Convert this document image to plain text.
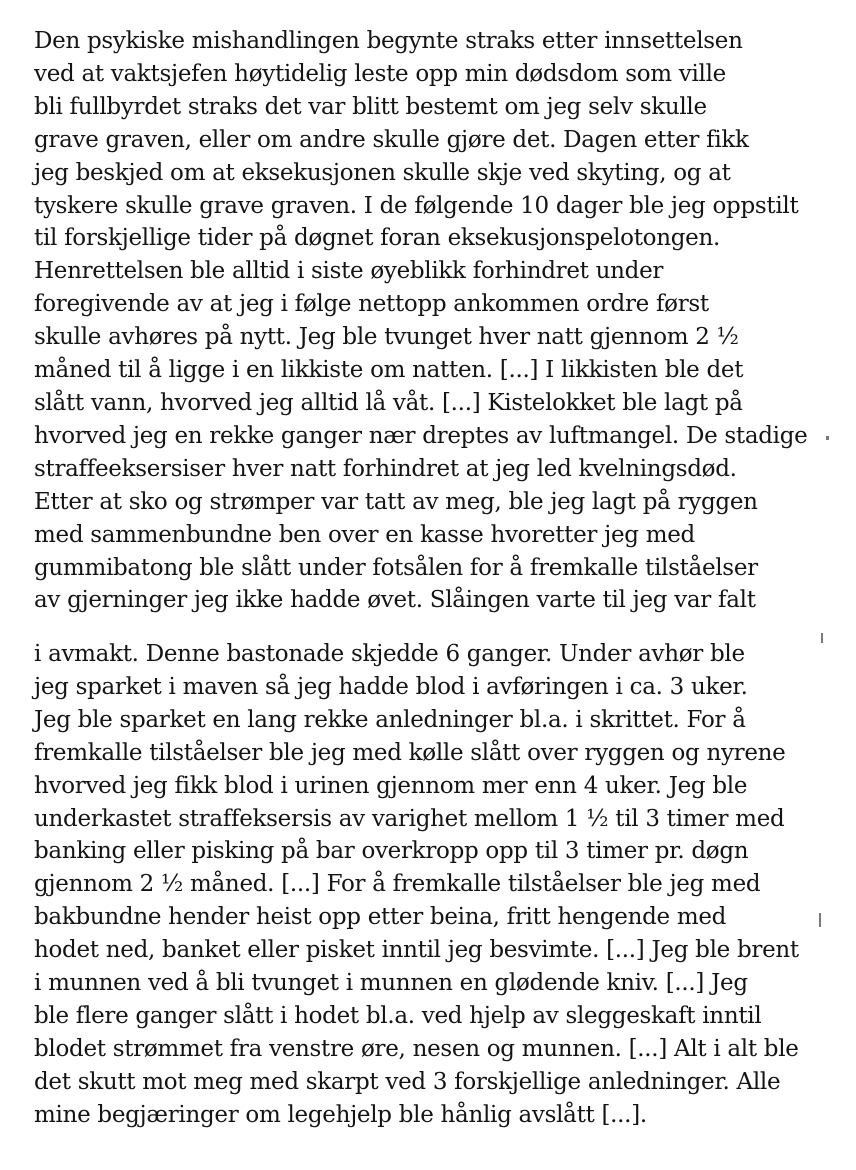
Den psykiske mishandlingen begynte straks etter innsettelsen
ved at vaktsjefen høytidelig leste opp min dødsdom som ville
bli fullbyrdet straks det var blitt bestemt om jeg selv skulle
grave graven, eller om andre skulle gjøre det. Dagen etter fikk
jeg beskjed om at eksekusjonen skulle skje ved skyting, og at
tyskere skulle grave graven. I de følgende 10 dager ble jeg oppstilt
til forskjellige tider på døgnet foran eksekusjonspelotongen.
Henrettelsen ble alltid i siste øyeblikk forhindret under
foregivende av at jeg i følge nettopp ankommen ordre først
skulle avhøres på nytt. Jeg ble tvunget hver natt gjennom 2 ½
måned til å ligge i en likkiste om natten. [...] I likkisten ble det
slått vann, hvorved jeg alltid lå våt. [...] Kistelokket ble lagt på
hvorved jeg en rekke ganger nær dreptes av luftmangel. De stadige
straffeeksersiser hver natt forhindret at jeg led kvelningsdød.
Etter at sko og strømper var tatt av meg, ble jeg lagt på ryggen
med sammenbundne ben over en kasse hvoretter jeg med
gummibatong ble slått under fotsålen for å fremkalle tilståelser
av gjerninger jeg ikke hadde øvet. Slåingen varte til jeg var falt

i avmakt. Denne bastonade skjedde 6 ganger. Under avhør ble
jeg sparket i maven så jeg hadde blod i avføringen i ca. 3 uker.
Jeg ble sparket en lang rekke anledninger bl.a. i skrittet. For å
fremkalle tilståelser ble jeg med kølle slått over ryggen og nyrene
hvorved jeg fikk blod i urinen gjennom mer enn 4 uker. Jeg ble
underkastet straffeksersis av varighet mellom 1 ½ til 3 timer med
banking eller pisking på bar overkropp opp til 3 timer pr. døgn
gjennom 2 ½ måned. [...] For å fremkalle tilståelser ble jeg med
bakbundne hender heist opp etter beina, fritt hengende med
hodet ned, banket eller pisket inntil jeg besvimte. [...] Jeg ble brent
i munnen ved å bli tvunget i munnen en glødende kniv. [...] Jeg
ble flere ganger slått i hodet bl.a. ved hjelp av sleggeskaft inntil
blodet strømmet fra venstre øre, nesen og munnen. [...] Alt i alt ble
det skutt mot meg med skarpt ved 3 forskjellige anledninger. Alle
mine begjæringer om legehjelp ble hånlig avslått [...].
